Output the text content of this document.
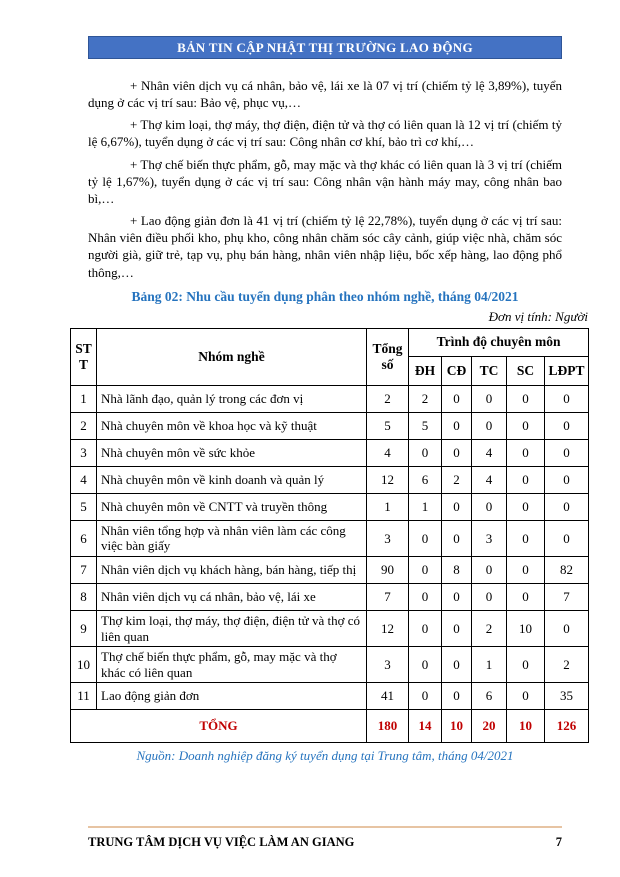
BẢN TIN CẬP NHẬT THỊ TRƯỜNG LAO ĐỘNG

+ Nhân viên dịch vụ cá nhân, bảo vệ, lái xe là 07 vị trí (chiếm tỷ lệ 3,89%), tuyển dụng ở các vị trí sau: Bảo vệ, phục vụ,…

+ Thợ kim loại, thợ máy, thợ điện, điện tử và thợ có liên quan là 12 vị trí (chiếm tỷ lệ 6,67%), tuyển dụng ở các vị trí sau: Công nhân cơ khí, bảo trì cơ khí,…

+ Thợ chế biến thực phẩm, gỗ, may mặc và thợ khác có liên quan là 3 vị trí (chiếm tỷ lệ 1,67%), tuyển dụng ở các vị trí sau: Công nhân vận hành máy may, công nhân bao bì,…

+ Lao động giản đơn là 41 vị trí (chiếm tỷ lệ 22,78%), tuyển dụng ở các vị trí sau: Nhân viên điều phối kho, phụ kho, công nhân chăm sóc cây cảnh, giúp việc nhà, chăm sóc người già, giữ trẻ, tạp vụ, phụ bán hàng, nhân viên nhập liệu, bốc xếp hàng, lao động phổ thông,…

Bảng 02: Nhu cầu tuyển dụng phân theo nhóm nghề, tháng 04/2021
Đơn vị tính: Người
STT	Nhóm nghề	Tổng số	Trình độ chuyên môn				
			ĐH	CĐ	TC	SC	LĐPT
1	Nhà lãnh đạo, quản lý trong các đơn vị	2	2	0	0	0	0
2	Nhà chuyên môn về khoa học và kỹ thuật	5	5	0	0	0	0
3	Nhà chuyên môn về sức khỏe	4	0	0	4	0	0
4	Nhà chuyên môn về kinh doanh và quản lý	12	6	2	4	0	0
5	Nhà chuyên môn về CNTT và truyền thông	1	1	0	0	0	0
6	Nhân viên tổng hợp và nhân viên làm các công việc bàn giấy	3	0	0	3	0	0
7	Nhân viên dịch vụ khách hàng, bán hàng, tiếp thị	90	0	8	0	0	82
8	Nhân viên dịch vụ cá nhân, bảo vệ, lái xe	7	0	0	0	0	7
9	Thợ kim loại, thợ máy, thợ điện, điện tử và thợ có liên quan	12	0	0	2	10	0
10	Thợ chế biến thực phẩm, gỗ, may mặc và thợ khác có liên quan	3	0	0	1	0	2
11	Lao động giản đơn	41	0	0	6	0	35
TỔNG		180	14	10	20	10	126
Nguồn: Doanh nghiệp đăng ký tuyển dụng tại Trung tâm, tháng 04/2021
TRUNG TÂM DỊCH VỤ VIỆC LÀM AN GIANG	7
